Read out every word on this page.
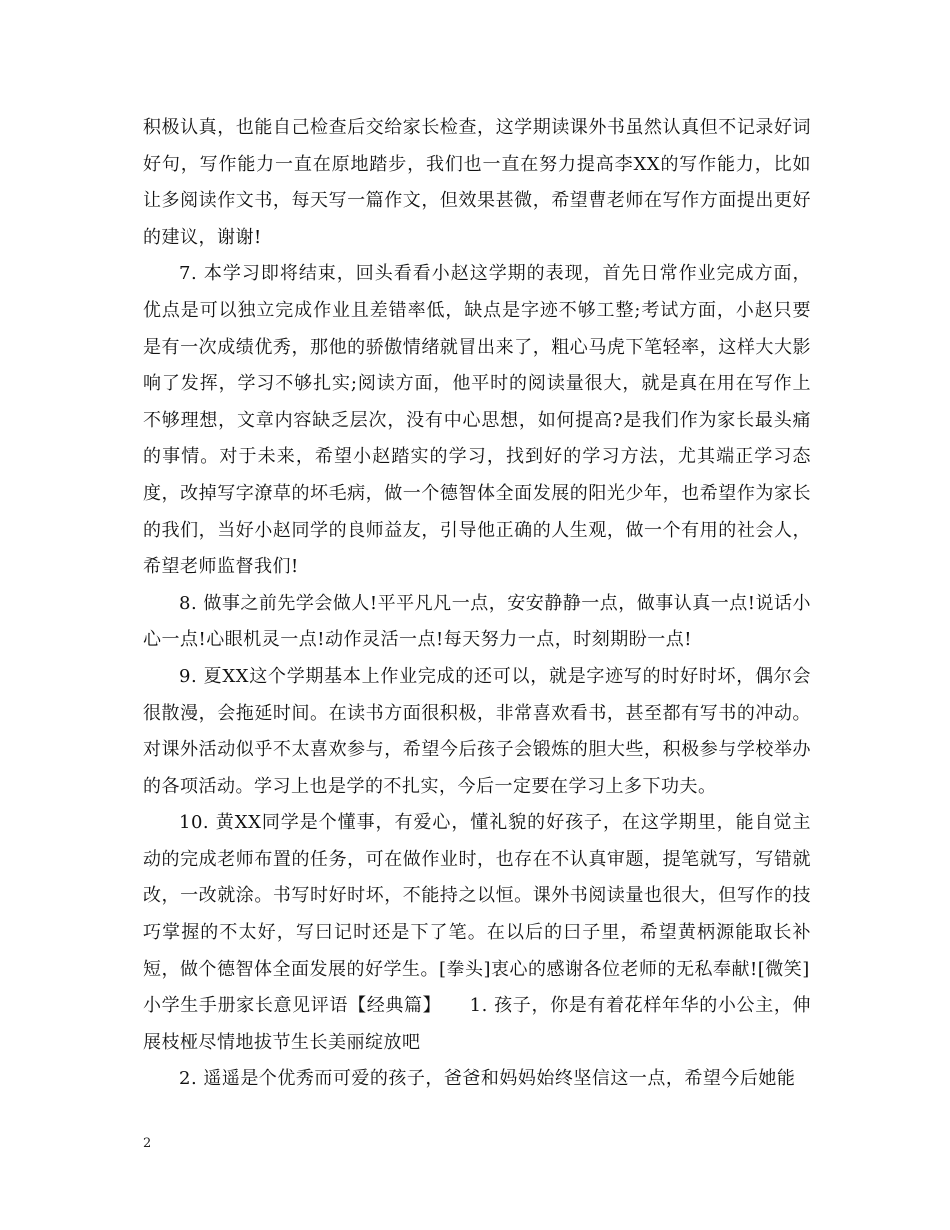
积极认真，也能自己检查后交给家长检查，这学期读课外书虽然认真但不记录好词好句，写作能力一直在原地踏步，我们也一直在努力提高李XX的写作能力，比如让多阅读作文书，每天写一篇作文，但效果甚微，希望曹老师在写作方面提出更好的建议，谢谢!

7. 本学习即将结束，回头看看小赵这学期的表现，首先日常作业完成方面，优点是可以独立完成作业且差错率低，缺点是字迹不够工整;考试方面，小赵只要是有一次成绩优秀，那他的骄傲情绪就冒出来了，粗心马虎下笔轻率，这样大大影响了发挥，学习不够扎实;阅读方面，他平时的阅读量很大，就是真在用在写作上不够理想，文章内容缺乏层次，没有中心思想，如何提高?是我们作为家长最头痛的事情。对于未来，希望小赵踏实的学习，找到好的学习方法，尤其端正学习态度，改掉写字潦草的坏毛病，做一个德智体全面发展的阳光少年，也希望作为家长的我们，当好小赵同学的良师益友，引导他正确的人生观，做一个有用的社会人，希望老师监督我们!

8. 做事之前先学会做人!平平凡凡一点，安安静静一点，做事认真一点!说话小心一点!心眼机灵一点!动作灵活一点!每天努力一点，时刻期盼一点!

9. 夏XX这个学期基本上作业完成的还可以，就是字迹写的时好时坏，偶尔会很散漫，会拖延时间。在读书方面很积极，非常喜欢看书，甚至都有写书的冲动。对课外活动似乎不太喜欢参与，希望今后孩子会锻炼的胆大些，积极参与学校举办的各项活动。学习上也是学的不扎实，今后一定要在学习上多下功夫。

10. 黄XX同学是个懂事，有爱心，懂礼貌的好孩子，在这学期里，能自觉主动的完成老师布置的任务，可在做作业时，也存在不认真审题，提笔就写，写错就改，一改就涂。书写时好时坏，不能持之以恒。课外书阅读量也很大，但写作的技巧掌握的不太好，写曰记时还是下了笔。在以后的曰子里，希望黄柄源能取长补短，做个德智体全面发展的好学生。[拳头]衷心的感谢各位老师的无私奉献![微笑]

小学生手册家长意见评语【经典篇】　　1. 孩子，你是有着花样年华的小公主，伸展枝桠尽情地拔节生长美丽绽放吧

2. 遥遥是个优秀而可爱的孩子，爸爸和妈妈始终坚信这一点，希望今后她能

2
